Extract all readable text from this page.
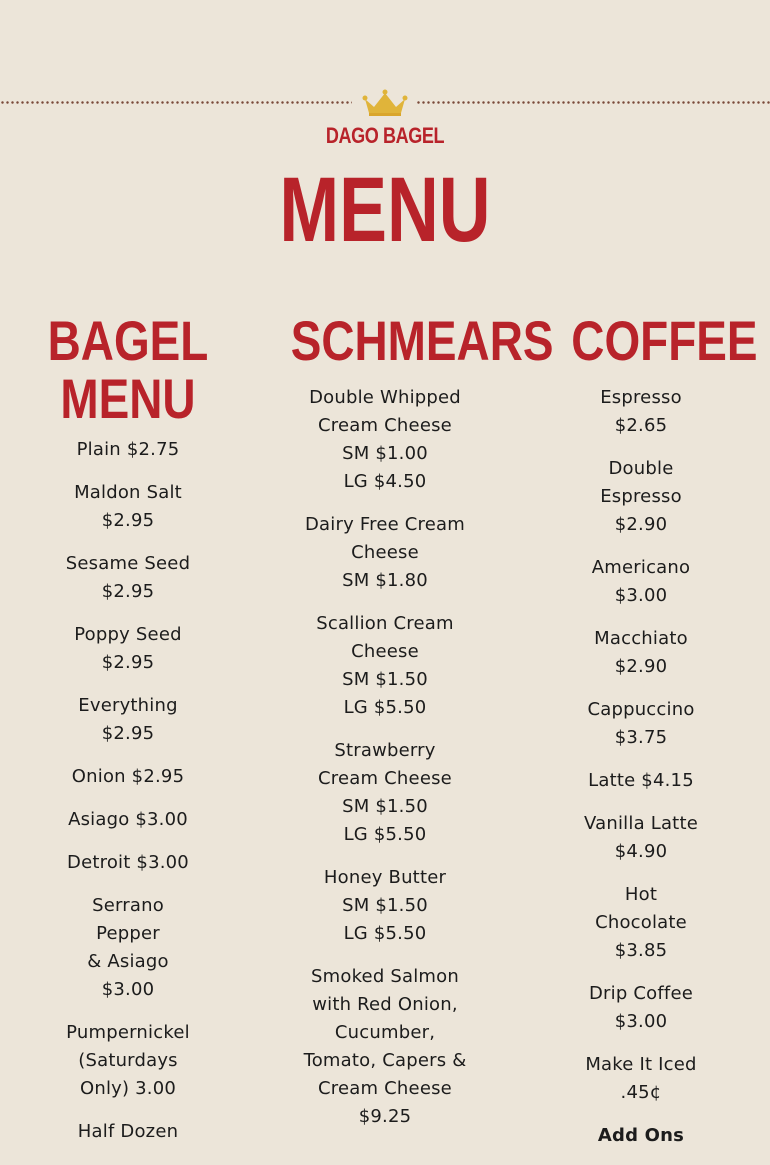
DAGO BAGEL
MENU
BAGEL
MENU
Plain $2.75
Maldon Salt
$2.95
Sesame Seed
$2.95
Poppy Seed
$2.95
Everything
$2.95
Onion $2.95
Asiago $3.00
Detroit $3.00
Serrano
Pepper
& Asiago
$3.00
Pumpernickel
(Saturdays
Only) 3.00
Half Dozen
SCHMEARS
Double Whipped
Cream Cheese
SM $1.00
LG $4.50
Dairy Free Cream
Cheese
SM $1.80
Scallion Cream
Cheese
SM $1.50
LG $5.50
Strawberry
Cream Cheese
SM $1.50
LG $5.50
Honey Butter
SM $1.50
LG $5.50
Smoked Salmon
with Red Onion,
Cucumber,
Tomato, Capers &
Cream Cheese
$9.25
COFFEE
Espresso
$2.65
Double
Espresso
$2.90
Americano
$3.00
Macchiato
$2.90
Cappuccino
$3.75
Latte $4.15
Vanilla Latte
$4.90
Hot
Chocolate
$3.85
Drip Coffee
$3.00
Make It Iced
.45¢
Add Ons
